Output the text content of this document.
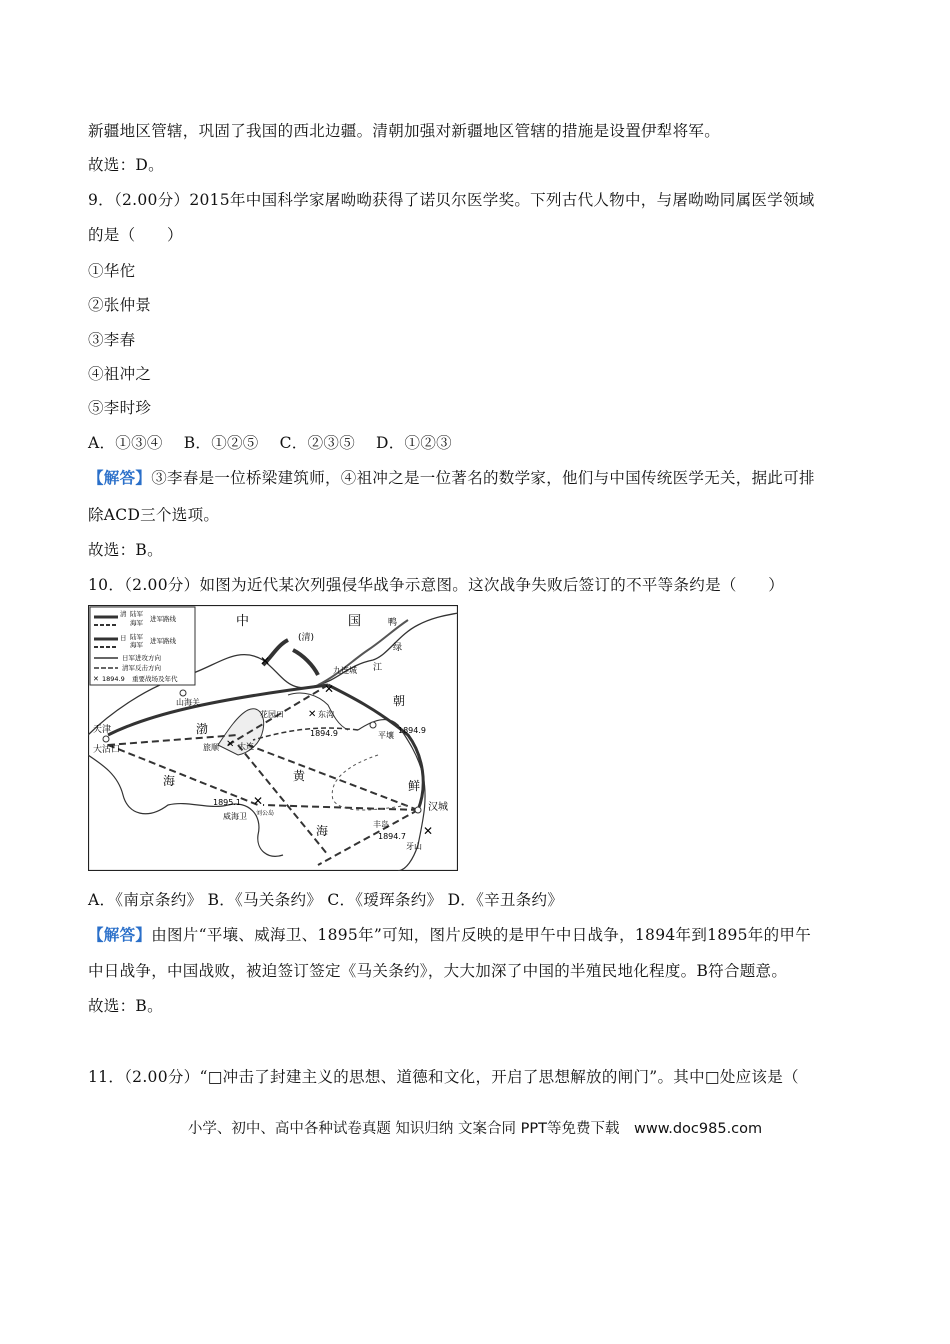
新疆地区管辖，巩固了我国的西北边疆。清朝加强对新疆地区管辖的措施是设置伊犁将军。
故选：D。
9．（2.00分）2015年中国科学家屠呦呦获得了诺贝尔医学奖。下列古代人物中，与屠呦呦同属医学领域
的是（　　）
①华佗
②张仲景
③李春
④祖冲之
⑤李时珍
A．①③④　 B．①②⑤　 C．②③⑤　 D．①②③
【解答】③李春是一位桥梁建筑师，④祖冲之是一位著名的数学家，他们与中国传统医学无关，据此可排
除ACD三个选项。
故选：B。
10．（2.00分）如图为近代某次列强侵华战争示意图。这次战争失败后签订的不平等条约是（　　）
清 陆军
海军 进军路线
日 陆军
海军 进军路线
日军进攻方向
清军反击方向
✕ 1894.9 重要战场及年代
中	国
(清)
鸭
绿
江
朝
鲜
渤
海	黄
海
天津
大沽口
山海关
花园口
旅顺 大连
东沟
1894.9	平壤
1894.9
1895.1
威海卫 刘公岛
汉城
丰岛
1894.7
牙山
九连城
✕
✕
✕
✕
✕
✕
A．《南京条约》 B．《马关条约》 C．《瑷珲条约》 D．《辛丑条约》
【解答】由图片“平壤、威海卫、1895年”可知，图片反映的是甲午中日战争，1894年到1895年的甲午
中日战争，中国战败，被迫签订签定《马关条约》，大大加深了中国的半殖民地化程度。B符合题意。
故选：B。
11．（2.00分）“□冲击了封建主义的思想、道德和文化，开启了思想解放的闸门”。其中□处应该是（
小学、初中、高中各种试卷真题 知识归纳 文案合同 PPT等免费下载　www.doc985.com
